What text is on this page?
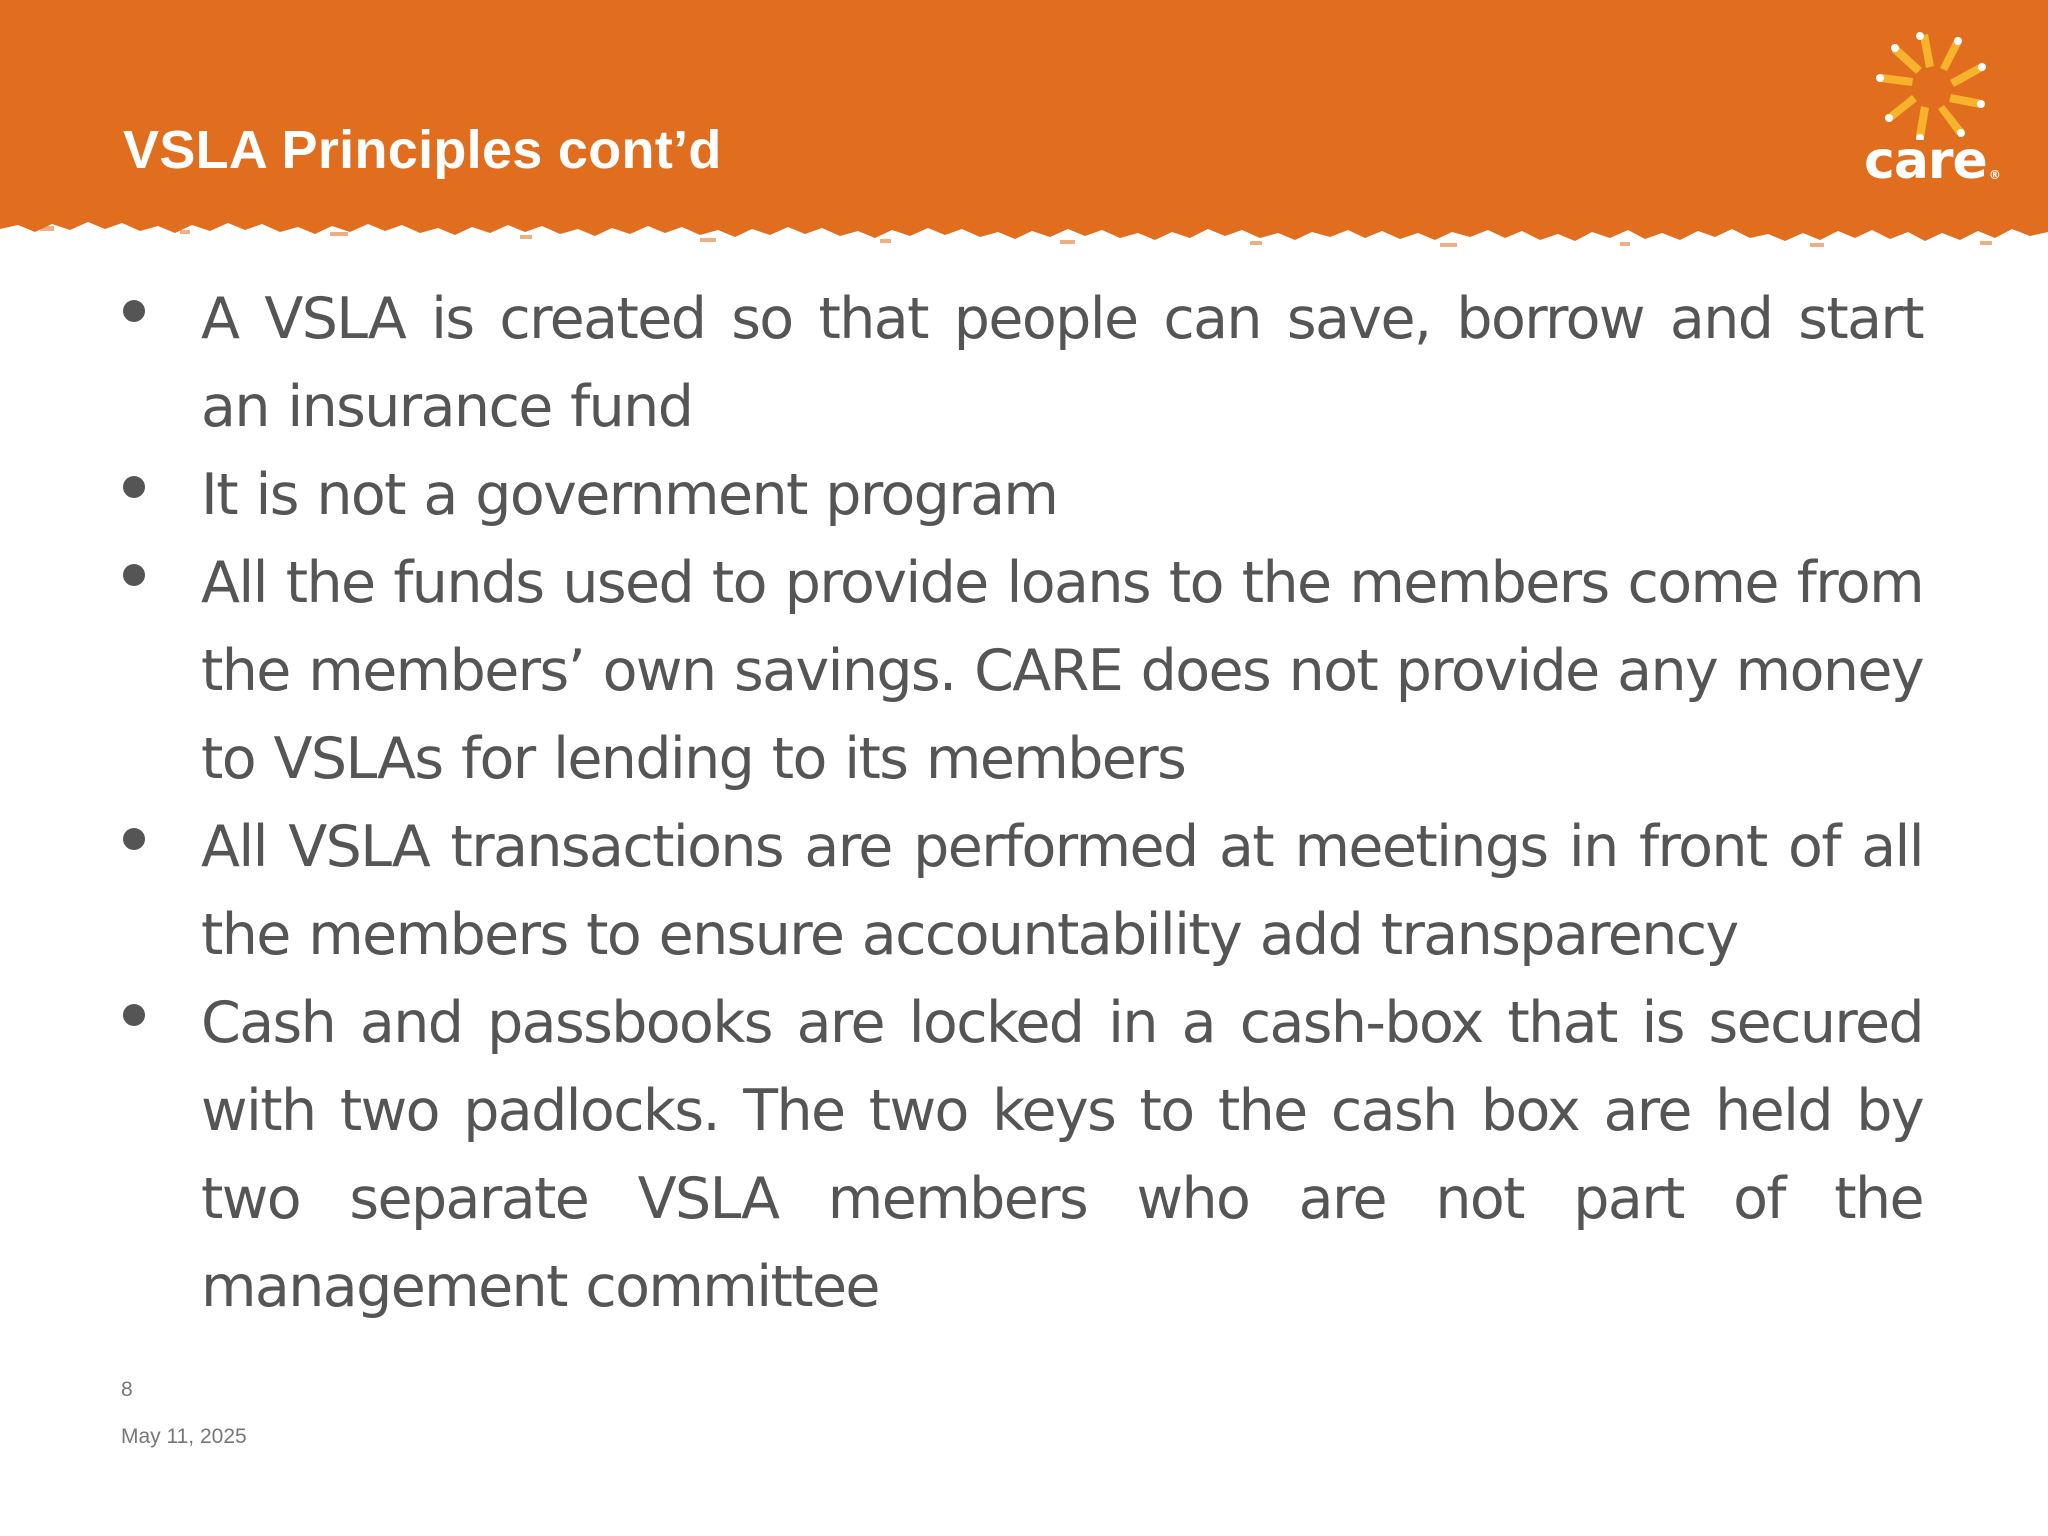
VSLA Principles cont’d	care ®
A VSLA is created so that people can save, borrow and start an insurance fund
It is not a government program
All the funds used to provide loans to the members come from the members’ own savings. CARE does not provide any money to VSLAs for lending to its members
All VSLA transactions are performed at meetings in front of all the members to ensure accountability add transparency
Cash and passbooks are locked in a cash-box that is secured with two padlocks. The two keys to the cash box are held by two separate VSLA members who are not part of the management committee
8
May 11, 2025
